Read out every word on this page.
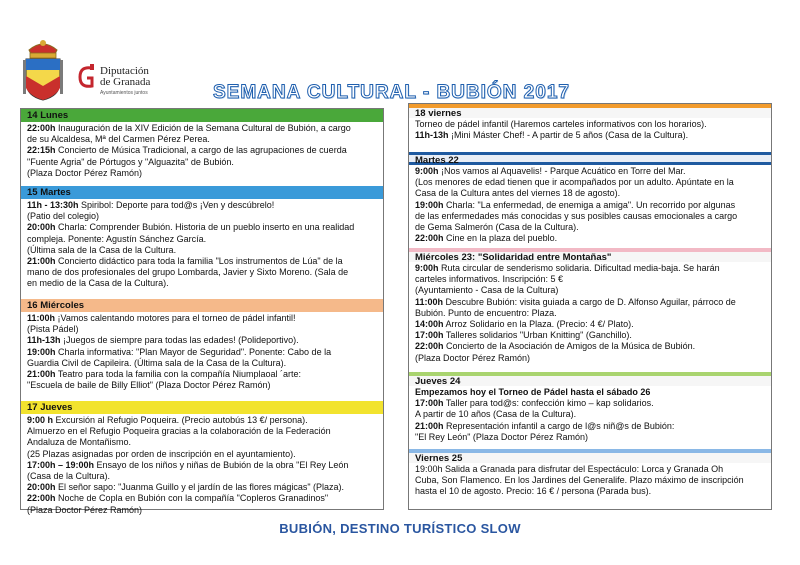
Diputación
de Granada
Ayuntamientos juntos	SEMANA CULTURAL - BUBIÓN 2017
14 Lunes

22:00h Inauguración de la XIV Edición de la Semana Cultural de Bubión, a cargo

de su Alcaldesa, Mª del Carmen Pérez Perea.

22:15h Concierto de Música Tradicional, a cargo de las agrupaciones de cuerda

"Fuente Agria" de Pórtugos y "Alguazita" de Bubión.

(Plaza Doctor Pérez Ramón)

15 Martes

11h - 13:30h Spiribol: Deporte para tod@s ¡Ven y descúbrelo!

(Patio del colegio)

20:00h Charla: Comprender Bubión. Historia de un pueblo inserto en una realidad

compleja. Ponente: Agustín Sánchez García.

(Última sala de la Casa de la Cultura.

21:00h Concierto didáctico para toda la familia "Los instrumentos de Lúa" de la

mano de dos profesionales del grupo Lombarda, Javier y Sixto Moreno. (Sala de

en medio de la Casa de la Cultura).

16 Miércoles

11:00h ¡Vamos calentando motores para el torneo de pádel infantil!

(Pista Pádel)

11h-13h ¡Juegos de siempre para todas las edades! (Polideportivo).

19:00h Charla informativa: "Plan Mayor de Seguridad". Ponente: Cabo de la

Guardia Civil de Capileira. (Última sala de la Casa de la Cultura).

21:00h Teatro para toda la familia con la compañía Niumplaoal ´arte:

"Escuela de baile de Billy Elliot" (Plaza Doctor Pérez Ramón)

17 Jueves

9:00 h Excursión al Refugio Poqueira. (Precio autobús 13 €/ persona).

Almuerzo en el Refugio Poqueira gracias a la colaboración de la Federación

Andaluza de Montañismo.

(25 Plazas asignadas por orden de inscripción en el ayuntamiento).

17:00h – 19:00h Ensayo de los niños y niñas de Bubión de la obra "El Rey León

(Casa de la Cultura).

20:00h El señor sapo: "Juanma Guillo y el jardín de las flores mágicas" (Plaza).

22:00h Noche de Copla en Bubión con la compañía "Copleros Granadinos"

(Plaza Doctor Pérez Ramón)

18 viernes

Torneo de pádel infantil (Haremos carteles informativos con los horarios).

11h-13h ¡Mini Máster Chef! - A partir de 5 años (Casa de la Cultura).

Martes 22

9:00h ¡Nos vamos al Aquavelis! - Parque Acuático en Torre del Mar.

(Los menores de edad tienen que ir acompañados por un adulto. Apúntate en la

Casa de la Cultura antes del viernes 18 de agosto).

19:00h Charla: "La enfermedad, de enemiga a amiga". Un recorrido por algunas

de las enfermedades más conocidas y sus posibles causas emocionales a cargo

de Gema Salmerón (Casa de la Cultura).

22:00h Cine en la plaza del pueblo.

Miércoles 23: "Solidaridad entre Montañas"

9:00h Ruta circular de senderismo solidaria. Dificultad media-baja. Se harán

carteles informativos. Inscripción: 5 €

(Ayuntamiento - Casa de la Cultura)

11:00h Descubre Bubión: visita guiada a cargo de D. Alfonso Aguilar, párroco de

Bubión. Punto de encuentro: Plaza.

14:00h Arroz Solidario en la Plaza. (Precio: 4 €/ Plato).

17:00h Talleres solidarios "Urban Knitting" (Ganchillo).

22:00h Concierto de la Asociación de Amigos de la Música de Bubión.

(Plaza Doctor Pérez Ramón)

Jueves 24

Empezamos hoy el Torneo de Pádel hasta el sábado 26

17:00h Taller para tod@s: confección kimo – kap solidarios.

A partir de 10 años (Casa de la Cultura).

21:00h Representación infantil a cargo de l@s niñ@s de Bubión:

"El Rey León" (Plaza Doctor Pérez Ramón)

Viernes 25

19:00h Salida a Granada para disfrutar del Espectáculo: Lorca y Granada Oh

Cuba, Son Flamenco. En los Jardines del Generalife. Plazo máximo de inscripción

hasta el 10 de agosto. Precio: 16 € / persona (Parada bus).

BUBIÓN, DESTINO TURÍSTICO SLOW
